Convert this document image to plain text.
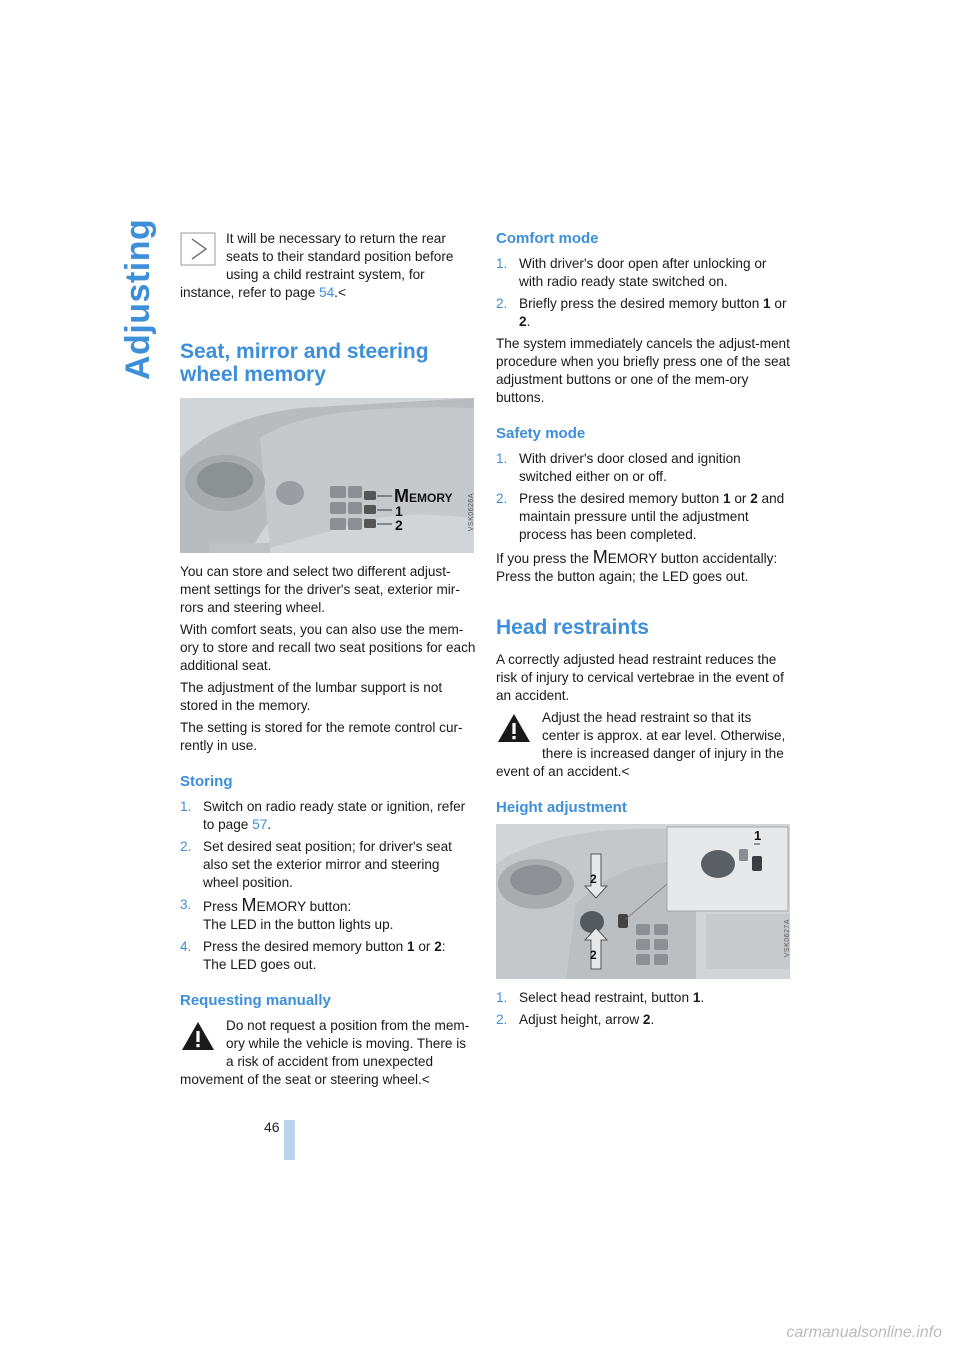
Adjusting
46
It will be necessary to return the rear seats to their standard position before using a child restraint system, for instance, refer to page 54.<
Seat, mirror and steering wheel memory
MEMORY
1
2	VSK0626A

You can store and select two different adjust-ment settings for the driver's seat, exterior mir-rors and steering wheel.

With comfort seats, you can also use the mem-ory to store and recall two seat positions for each additional seat.

The adjustment of the lumbar support is not stored in the memory.

The setting is stored for the remote control cur-rently in use.

Storing
1. Switch on radio ready state or ignition, refer to page 57.
2. Set desired seat position; for driver's seat also set the exterior mirror and steering wheel position.
3. Press MEMORY button:
The LED in the button lights up.
4. Press the desired memory button 1 or 2:
The LED goes out.
Requesting manually
Do not request a position from the mem-ory while the vehicle is moving. There is a risk of accident from unexpected movement of the seat or steering wheel.<
Comfort mode
1. With driver's door open after unlocking or with radio ready state switched on.
2. Briefly press the desired memory button 1 or 2.

The system immediately cancels the adjust-ment procedure when you briefly press one of the seat adjustment buttons or one of the mem-ory buttons.

Safety mode
1. With driver's door closed and ignition switched either on or off.
2. Press the desired memory button 1 or 2 and maintain pressure until the adjustment process has been completed.

If you press the MEMORY button accidentally: Press the button again; the LED goes out.

Head restraints

A correctly adjusted head restraint reduces the risk of injury to cervical vertebrae in the event of an accident.

Adjust the head restraint so that its center is approx. at ear level. Otherwise, there is increased danger of injury in the event of an accident.<
Height adjustment
1
2
2	VSK0627A
1. Select head restraint, button 1.
2. Adjust height, arrow 2.
carmanualsonline.info
